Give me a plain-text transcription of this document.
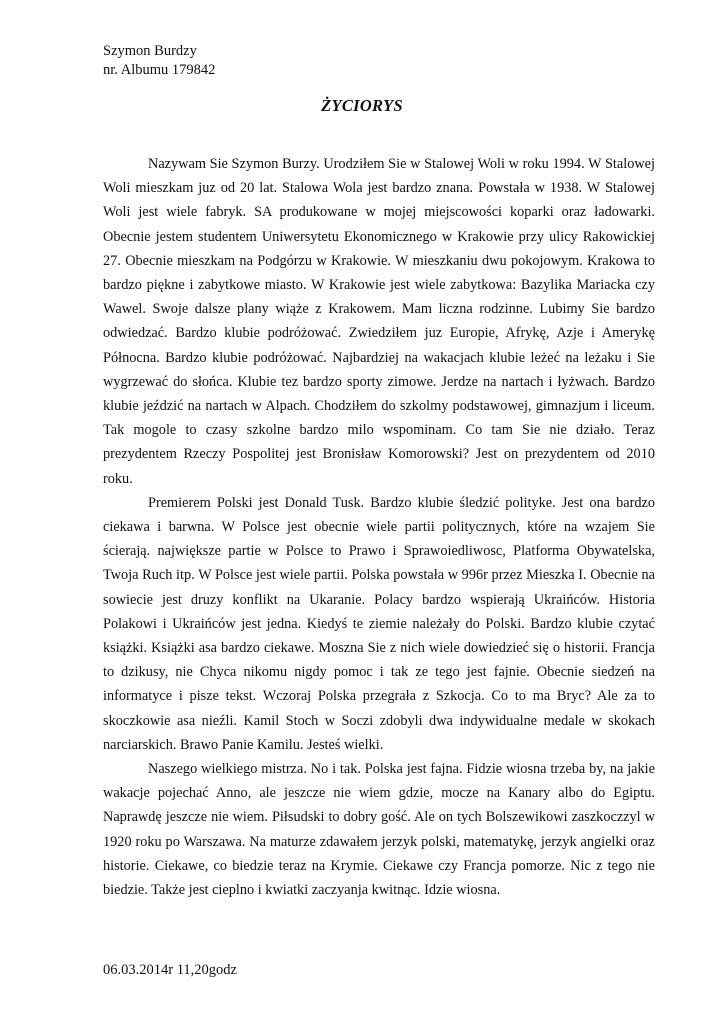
Szymon Burdzy
nr. Albumu 179842
ŻYCIORYS

Nazywam Sie Szymon Burzy. Urodziłem Sie w Stalowej Woli w roku 1994. W Stalowej Woli mieszkam juz od 20 lat. Stalowa Wola jest bardzo znana. Powstała w 1938. W Stalowej Woli jest wiele fabryk. SA produkowane w mojej miejscowości koparki oraz ładowarki. Obecnie jestem studentem Uniwersytetu Ekonomicznego w Krakowie przy ulicy Rakowickiej 27. Obecnie mieszkam na Podgórzu w Krakowie. W mieszkaniu dwu pokojowym. Krakowa to bardzo piękne i zabytkowe miasto. W Krakowie jest wiele zabytkowa: Bazylika Mariacka czy Wawel. Swoje dalsze plany wiąże z Krakowem. Mam liczna rodzinne. Lubimy Sie bardzo odwiedzać. Bardzo klubie podróżować. Zwiedziłem juz Europie, Afrykę, Azje i Amerykę Północna. Bardzo klubie podróżować. Najbardziej na wakacjach klubie leżeć na leżaku i Sie wygrzewać do słońca. Klubie tez bardzo sporty zimowe. Jerdze na nartach i łyżwach. Bardzo klubie jeździć na nartach w Alpach. Chodziłem do szkolmy podstawowej, gimnazjum i liceum. Tak mogole to czasy szkolne bardzo milo wspominam. Co tam Sie nie działo. Teraz prezydentem Rzeczy Pospolitej jest Bronisław Komorowski? Jest on prezydentem od 2010 roku.

Premierem Polski jest Donald Tusk. Bardzo klubie śledzić polityke. Jest ona bardzo ciekawa i barwna. W Polsce jest obecnie wiele partii politycznych, które na wzajem Sie ścierają. największe partie w Polsce to Prawo i Sprawoiedliwosc, Platforma Obywatelska, Twoja Ruch itp. W Polsce jest wiele partii. Polska powstała w 996r przez Mieszka I. Obecnie na sowiecie jest druzy konflikt na Ukaranie. Polacy bardzo wspierają Ukraińców. Historia Polakowi i Ukraińców jest jedna. Kiedyś te ziemie należały do Polski. Bardzo klubie czytać książki. Książki asa bardzo ciekawe. Moszna Sie z nich wiele dowiedzieć się o historii. Francja to dzikusy, nie Chyca nikomu nigdy pomoc i tak ze tego jest fajnie. Obecnie siedzeń na informatyce i pisze tekst. Wczoraj Polska przegrała z Szkocja. Co to ma Bryc? Ale za to skoczkowie asa nieźli. Kamil Stoch w Soczi zdobyli dwa indywidualne medale w skokach narciarskich. Brawo Panie Kamilu. Jesteś wielki.

Naszego wielkiego mistrza. No i tak. Polska jest fajna. Fidzie wiosna trzeba by, na jakie wakacje pojechać Anno, ale jeszcze nie wiem gdzie, mocze na Kanary albo do Egiptu. Naprawdę jeszcze nie wiem. Piłsudski to dobry gość. Ale on tych Bolszewikowi zaszkoczzyl w 1920 roku po Warszawa. Na maturze zdawałem jerzyk polski, matematykę, jerzyk angielki oraz historie. Ciekawe, co biedzie teraz na Krymie. Ciekawe czy Francja pomorze. Nic z tego nie biedzie. Także jest cieplno i kwiatki zaczyanja kwitnąc. Idzie wiosna.

06.03.2014r 11,20godz
